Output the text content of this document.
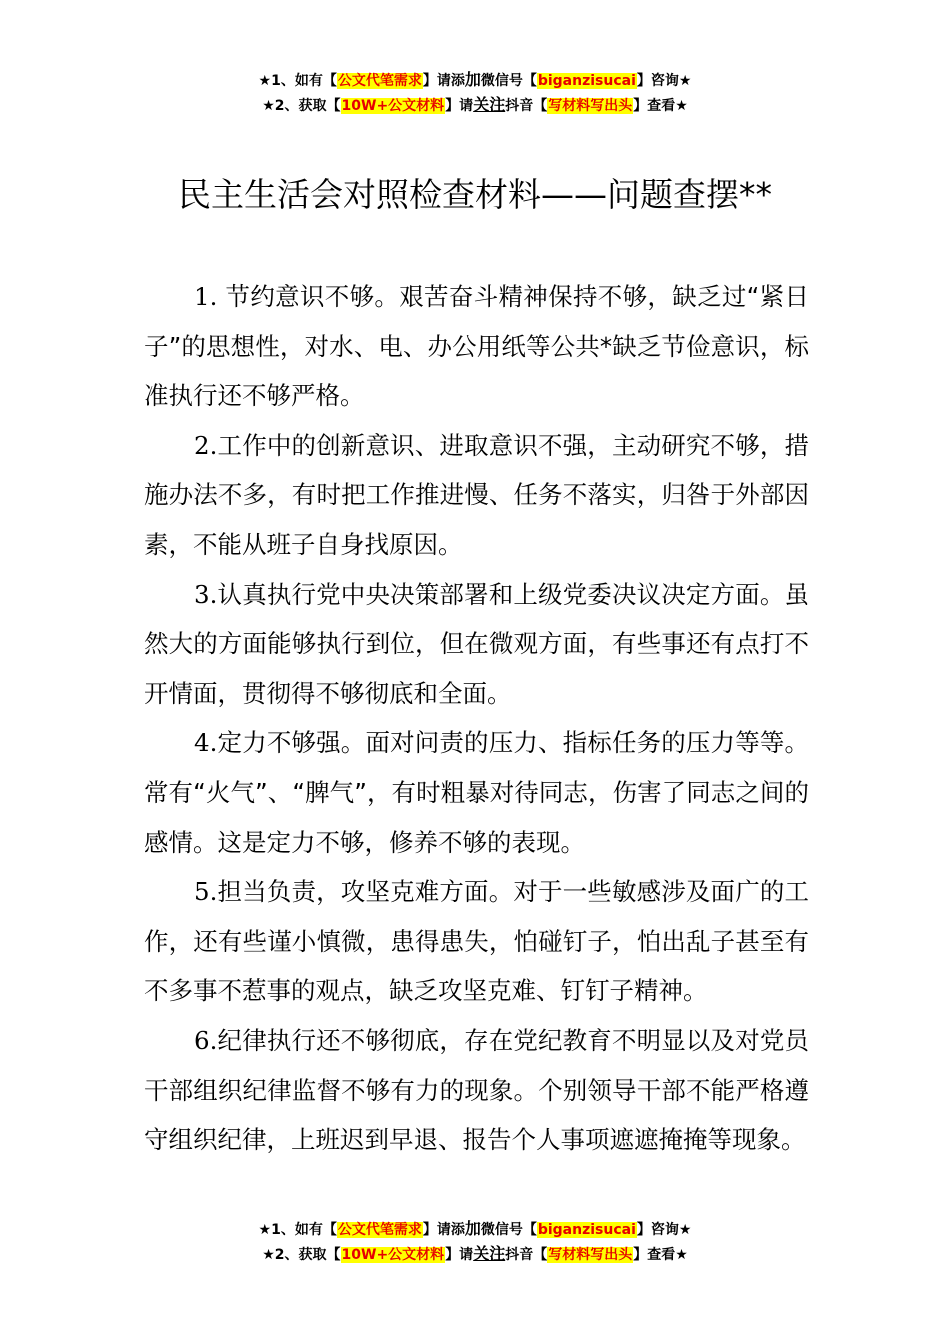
★1、如有【公文代笔需求】请添加微信号【biganzisucai】咨询★
★2、获取【10W+公文材料】请关注抖音【写材料写出头】查看★
民主生活会对照检查材料——问题查摆**

1. 节约意识不够。艰苦奋斗精神保持不够，缺乏过“紧日子”的思想性，对水、电、办公用纸等公共*缺乏节俭意识，标准执行还不够严格。

2.工作中的创新意识、进取意识不强，主动研究不够，措施办法不多，有时把工作推进慢、任务不落实，归咎于外部因素，不能从班子自身找原因。

3.认真执行党中央决策部署和上级党委决议决定方面。虽然大的方面能够执行到位，但在微观方面，有些事还有点打不开情面，贯彻得不够彻底和全面。

4.定力不够强。面对问责的压力、指标任务的压力等等。常有“火气”、“脾气”，有时粗暴对待同志，伤害了同志之间的感情。这是定力不够，修养不够的表现。

5.担当负责，攻坚克难方面。对于一些敏感涉及面广的工作，还有些谨小慎微，患得患失，怕碰钉子，怕出乱子甚至有不多事不惹事的观点，缺乏攻坚克难、钉钉子精神。

6.纪律执行还不够彻底，存在党纪教育不明显以及对党员干部组织纪律监督不够有力的现象。个别领导干部不能严格遵守组织纪律，上班迟到早退、报告个人事项遮遮掩掩等现象。

★1、如有【公文代笔需求】请添加微信号【biganzisucai】咨询★
★2、获取【10W+公文材料】请关注抖音【写材料写出头】查看★
